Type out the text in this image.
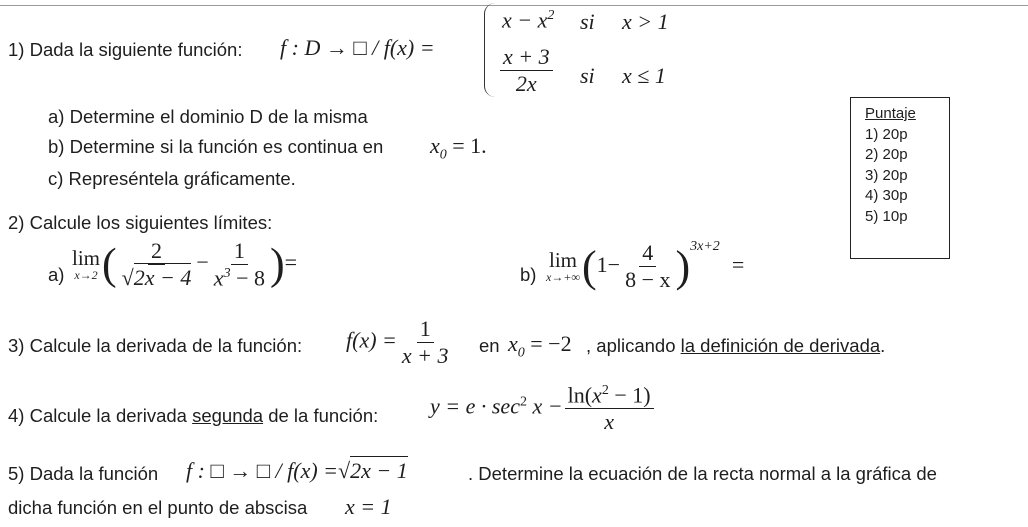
1) Dada la siguiente función: f : D → □ / f(x) =
$x - x^2$ si x > 1
$\frac{x + 3}{2x}$ si x ≤ 1
a) Determine el dominio D de la misma
b) Determine si la función es continua en $x_0 = 1$.
c) Represéntela gráficamente.
Puntaje
1) 20p
2) 20p
3) 20p
4) 30p
5) 10p
2) Calcule los siguientes límites:
a)
lim
x→2 ( $\frac{2}{√2x - 4} - \frac{1}{x^3 - 8}$ )=	b)
lim
x→+∞ $(1- \frac{4}{8 - x} )^{3x+2}=$
3) Calcule la derivada de la función: $f(x) = \frac{1}{x + 3}$ en $x_0 = -2$ , aplicando la definición de derivada.
4) Calcule la derivada segunda de la función: $y = e \cdot \sec^2 x - \frac{\ln(x^2 - 1)}{x}$
5) Dada la función f : □ → □ / f(x) =√2x − 1	. Determine la ecuación de la recta normal a la gráfica de
dicha función en el punto de abscisa x = 1
